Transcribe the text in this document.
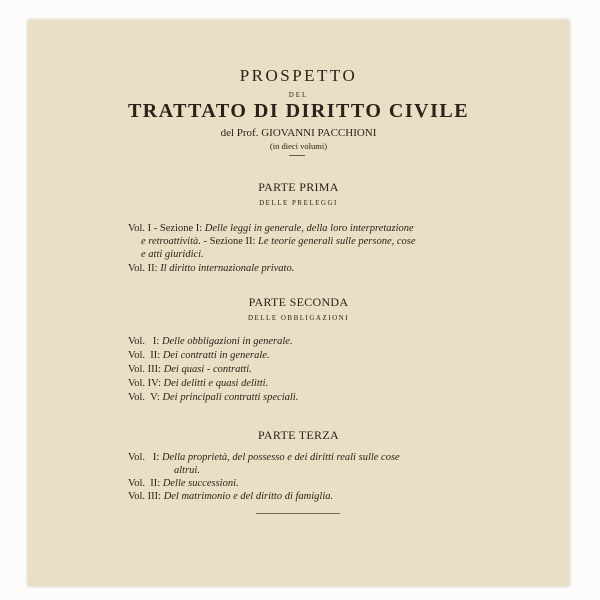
PROSPETTO
DEL
TRATTATO DI DIRITTO CIVILE
del Prof. GIOVANNI PACCHIONI
(in dieci volumi)
PARTE PRIMA
DELLE PRELEGGI
Vol. I - Sezione I: Delle leggi in generale, della loro interpretazione
e retroattività. - Sezione II: Le teorie generali sulle persone, cose
e atti giuridici.
Vol. II: Il diritto internazionale privato.
PARTE SECONDA
DELLE OBBLIGAZIONI
Vol.   I: Delle obbligazioni in generale.
Vol.  II: Dei contratti in generale.
Vol. III: Dei quasi - contratti.
Vol. IV: Dei delitti e quasi delitti.
Vol.  V: Dei principali contratti speciali.
PARTE TERZA
Vol.   I: Della proprietà, del possesso e dei diritti reali sulle cose
altrui.
Vol.  II: Delle successioni.
Vol. III: Del matrimonio e del diritto di famiglia.
